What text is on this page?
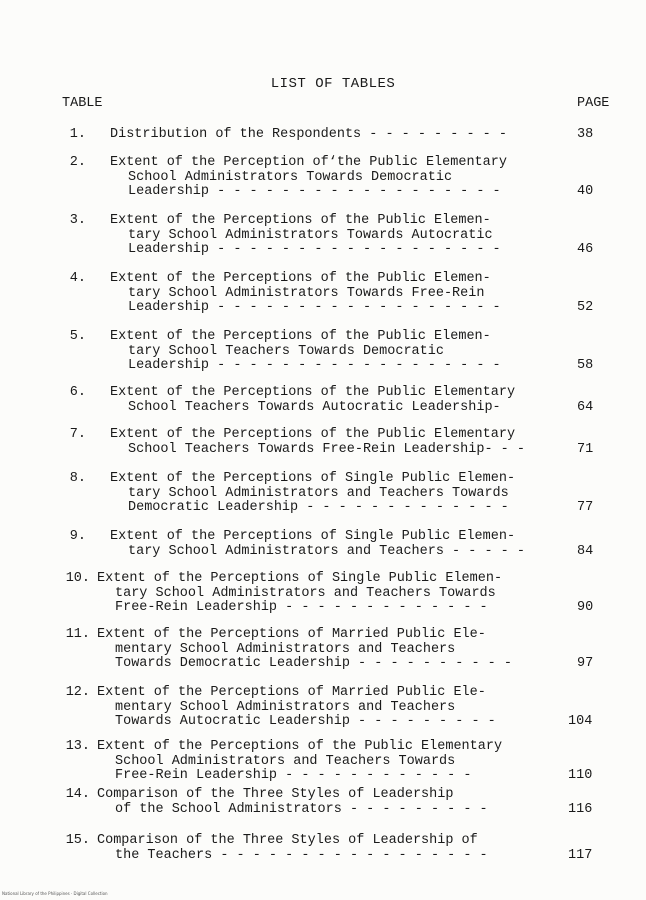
LIST OF TABLES
TABLE	PAGE
1. Distribution of the Respondents - - - - - - - - -	38
2. Extent of the Perception of‘the Public Elementary
School Administrators Towards Democratic
Leadership - - - - - - - - - - - - - - - - - -	40
3. Extent of the Perceptions of the Public Elemen-
tary School Administrators Towards Autocratic
Leadership - - - - - - - - - - - - - - - - - -	46
4. Extent of the Perceptions of the Public Elemen-
tary School Administrators Towards Free-Rein
Leadership - - - - - - - - - - - - - - - - - -	52
5. Extent of the Perceptions of the Public Elemen-
tary School Teachers Towards Democratic
Leadership - - - - - - - - - - - - - - - - - -	58
6. Extent of the Perceptions of the Public Elementary
School Teachers Towards Autocratic Leadership-	64
7. Extent of the Perceptions of the Public Elementary
School Teachers Towards Free-Rein Leadership- - -	71
8. Extent of the Perceptions of Single Public Elemen-
tary School Administrators and Teachers Towards
Democratic Leadership - - - - - - - - - - - - -	77
9. Extent of the Perceptions of Single Public Elemen-
tary School Administrators and Teachers - - - - -	84
10. Extent of the Perceptions of Single Public Elemen-
tary School Administrators and Teachers Towards
Free-Rein Leadership - - - - - - - - - - - - -	90
11. Extent of the Perceptions of Married Public Ele-
mentary School Administrators and Teachers
Towards Democratic Leadership - - - - - - - - - -	97
12. Extent of the Perceptions of Married Public Ele-
mentary School Administrators and Teachers
Towards Autocratic Leadership - - - - - - - - -	104
13. Extent of the Perceptions of the Public Elementary
School Administrators and Teachers Towards
Free-Rein Leadership - - - - - - - - - - - -	110
14. Comparison of the Three Styles of Leadership
of the School Administrators - - - - - - - - -	116
15. Comparison of the Three Styles of Leadership of
the Teachers - - - - - - - - - - - - - - - - -	117
National Library of the Philippines · Digital Collection
